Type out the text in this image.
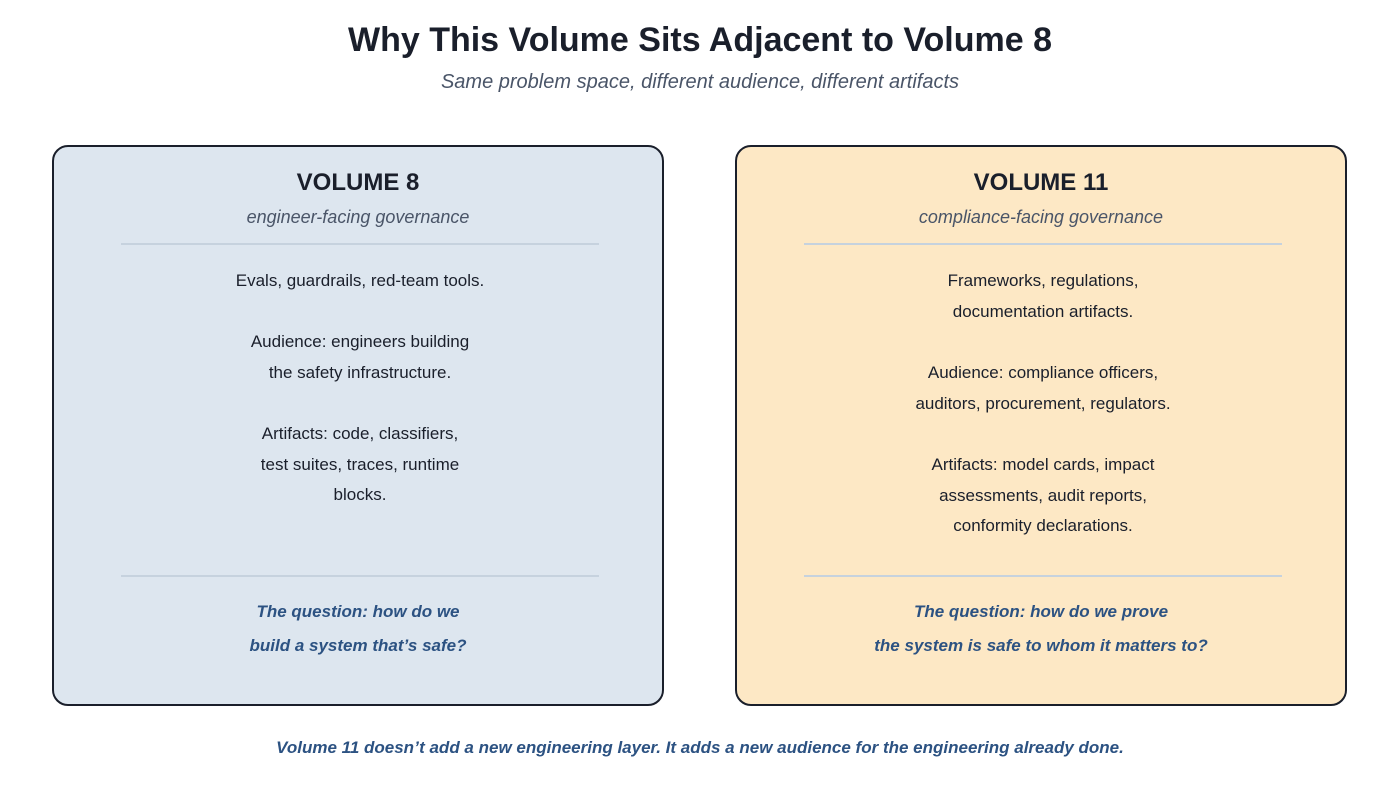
Why This Volume Sits Adjacent to Volume 8
Same problem space, different audience, different artifacts
VOLUME 8
engineer-facing governance
Evals, guardrails, red-team tools.
Audience: engineers building
the safety infrastructure.
Artifacts: code, classifiers,
test suites, traces, runtime
blocks.
The question: how do we
build a system that’s safe?
VOLUME 11
compliance-facing governance
Frameworks, regulations,
documentation artifacts.
Audience: compliance officers,
auditors, procurement, regulators.
Artifacts: model cards, impact
assessments, audit reports,
conformity declarations.
The question: how do we prove
the system is safe to whom it matters to?
Volume 11 doesn’t add a new engineering layer. It adds a new audience for the engineering already done.
